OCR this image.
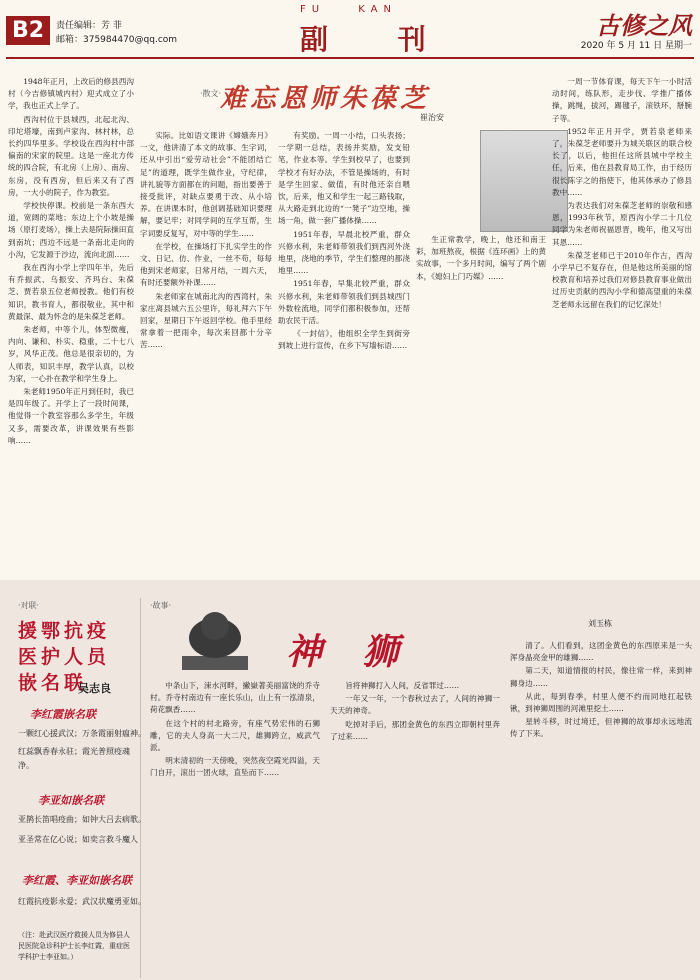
B2	责任编辑：芳 菲
邮箱：375984470@qq.com
FU	KAN
副 刊	古修之风
2020 年 5 月 11 日 星期一
·散文·
难忘恩师朱葆芝
崔治安

1948年正月，上改后的修县西沟村（今吉修镇城内村）迎式成立了小学，我也正式上学了。

西沟村位于县城西，北起北沟、印坨塔壕，南到卢家沟、林村林，总长约四华里多。学校设在西沟村中部偏南的宋家的院里。这是一座北方传统的四合院，有北房（上房）、南房、东房，没有西房，但后来又有了西房，一大小的院子，作为教室。

学校快停课。校前是一条东西大道，宽阔的菜地；东边上个小坡是操场（原打麦场），操上去是院际操田直到南坑；西边不远是一条南北走向的小沟，它发源于沙边，流向北面……

我在西沟小学上学四年半，先后有乔振武、乌振安、齐玛台、朱葆芝、贾若泉五位老师授教。他们有校知识，教书育人，都很敬业，其中和黄最深、最为怀念的是朱葆芝老师。

朱老师，中等个儿，体型微瘦，内向、谦和、朴实、稳重，二十七八岁，风华正茂。他总是很亲切的，为人师表，知识丰厚，教学认真，以校为家，一心扑在教学和学生身上。

朱老师1950年正月到任时，我已是四年级了。开学上了一段时间课，他觉得一个教室容那么多学生，年级又多，需要改革，讲课效果有些影响……

实际。比如语文课讲《嫦娥奔月》一文，他讲清了本文的故事、生字词，还从中引出“爱劳动社会”不能团结亡足”的道理，既学生做作业，守纪律，讲礼貌等方面都在的问题，指出要善于接受批评，对缺点要勇于改、从小培养。在讲课本时，他创调基础知识要理解，要记牢；对同学间的互学互帮，生字词要反复写，对中等的学生……

在学校，在操场打下扎实学生的作文、日记、仿、作业，一丝不苟，每每他到宋老师家，日常月结，一周六天，有时还要额外补课……

朱老师家在城南北沟的西湾村，朱家庄离县城六五公里许，每礼拜六下午回家，星期日下午返回学校。他手里经常拿着一把雨伞，每次来回都十分辛苦……

有奖励。一周一小结，口头表扬；一学期一总结，表扬并奖励，发支铅笔，作业本等。学生到校早了，也要到学校才有好办法，不管是操场的，有时是学生回家、做值，有时他还亲自喂饮，后来，他又和学生一起三路钱取，从大路走到北边的“一凳子”边空地，操场一角，做一套广播体操……

1951年春，早晨北校严重，群众兴修水利，朱老师带领我们到西河外浇地里，浇地的季节，学生们整理的都浇地里……

1951年春，早集北较严重，群众兴修水利，朱老师带领我们到县城西门外数栓流地，同学们都积极参加，还帮助农民干活。

《一封信》，他组织全学生到街旁到坡上进行宣传，在乡下写墙标语……

生正常教学，晚上，他还和南王彩，加班熬夜，根据《连环画》上的黄实故事，一个多月时间，编写了两个剧本，《媳妇上门巧媒》……

一周一节体育课，每天下午一小时活动时间，练队形，走步伐、学推广播体操，跳绳，拔河，踢毽子，滚铁环，掰腕子等。

1952年正月开学，贾若泉老师来了，朱葆芝老师要升为城关联区的联合校长了，以后，他担任这所县城中学校主任，后来，他在县教育局工作，由于经历很长陈字之的指使下，他其体承办了修县教中……

为表达我们对朱葆芝老师的崇敬和感恩，1993年秋节，原西沟小学二十几位同学为朱老师祝福恩晋，晚年，他又写出其恩……

朱葆芝老师已于2010年作古，西沟小学早已不复存在，但是他这所美丽的馆校教育和培养过我们对修县教育事业做出过历史贡献的西沟小学和德高望重的朱葆芝老师永远留在我们的记忆深处！

·对联·
援鄂抗疫医护人员嵌名联
吴志良
李红霞嵌名联
一颗红心援武汉；万条霞丽射瘟神。
红蕊飘香春永驻；霞光普照疫魂
净。
李亚如嵌名联
亚鹊长笛唱疫曲；如钟大吕去病歌。
亚圣常在亿心说；如奕言救斗魔人
李红霞、李亚如嵌名联
红霞抗疫影永爱；武汉状魔勇亚如。
（注：赴武汉医疗救援人员为修县人民医院急诊科护士长李红霞，重症医学科护士李亚如。）
·故事·
神 狮
刘玉栋

中条山下，涑水河畔，撇嶽著美丽富饶的乔寺村。乔寺村南边有一座长乐山，山上有一泓清泉，荷花飘香……

在这个村的村北路旁，有座气势宏伟的石狮雕，它的夫人身高一大二尺，雄狮跨立，威武气派。

明末清初的一天傍晚，突然夜空霞光四溢，天门自开，滚出一团火球，直坠而下……

旨将神狮打入人间，反省罪过……

一年又一年，一个春秋过去了，人间的神狮一天天的神奇。

吃掉对手后，那团金黄色的东西立即朝村里奔了过来……

清了。人们看到，这团金黄色的东西原来是一头浑身晶亮金甲的雄狮……

第二天，知道情报的村民，像往常一样，来到神狮身边……

从此，每到春季，村里人便不约而同地扛起铁锹，到神狮周围的河滩里挖土……

星转斗移，时过境迁，但神狮的故事却永远地流传了下来。
